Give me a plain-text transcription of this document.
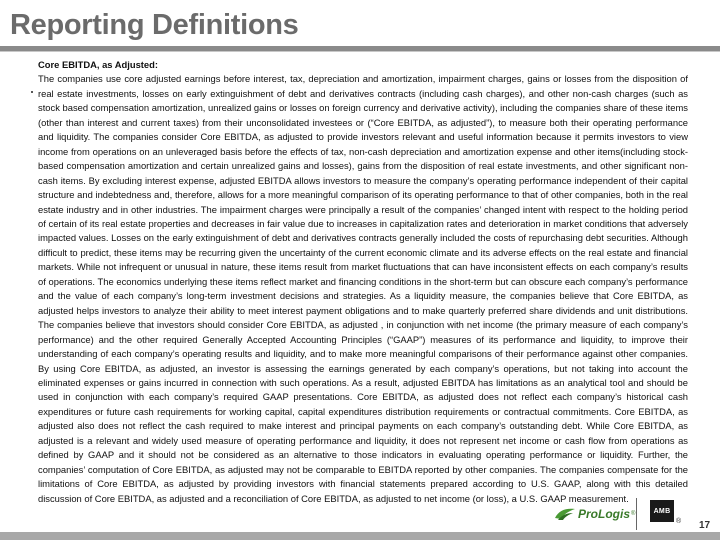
Reporting Definitions
Core EBITDA, as Adjusted:

The companies use core adjusted earnings before interest, tax, depreciation and amortization, impairment charges, gains or losses from the disposition of real estate investments, losses on early extinguishment of debt and derivatives contracts (including cash charges), and other non-cash charges (such as stock based compensation amortization, unrealized gains or losses on foreign currency and derivative activity), including the companies share of these items (other than interest and current taxes) from their unconsolidated investees or (“Core EBITDA, as adjusted”), to measure both their operating performance and liquidity. The companies consider Core EBITDA, as adjusted to provide investors relevant and useful information because it permits investors to view income from operations on an unleveraged basis before the effects of tax, non-cash depreciation and amortization expense and other items(including stock-based compensation amortization and certain unrealized gains and losses), gains from the disposition of real estate investments, and other significant non-cash items. By excluding interest expense, adjusted EBITDA allows investors to measure the company’s operating performance independent of their capital structure and indebtedness and, therefore, allows for a more meaningful comparison of its operating performance to that of other companies, both in the real estate industry and in other industries. The impairment charges were principally a result of the companies’ changed intent with respect to the holding period of certain of its real estate properties and decreases in fair value due to increases in capitalization rates and deterioration in market conditions that adversely impacted values. Losses on the early extinguishment of debt and derivatives contracts generally included the costs of repurchasing debt securities. Although difficult to predict, these items may be recurring given the uncertainty of the current economic climate and its adverse effects on the real estate and financial markets. While not infrequent or unusual in nature, these items result from market fluctuations that can have inconsistent effects on each company’s results of operations. The economics underlying these items reflect market and financing conditions in the short-term but can obscure each company’s performance and the value of each company’s long-term investment decisions and strategies. As a liquidity measure, the companies believe that Core EBITDA, as adjusted helps investors to analyze their ability to meet interest payment obligations and to make quarterly preferred share dividends and unit distributions. The companies believe that investors should consider Core EBITDA, as adjusted , in conjunction with net income (the primary measure of each company’s performance) and the other required Generally Accepted Accounting Principles (“GAAP”) measures of its performance and liquidity, to improve their understanding of each company’s operating results and liquidity, and to make more meaningful comparisons of their performance against other companies. By using Core EBITDA, as adjusted, an investor is assessing the earnings generated by each company’s operations, but not taking into account the eliminated expenses or gains incurred in connection with such operations. As a result, adjusted EBITDA has limitations as an analytical tool and should be used in conjunction with each company’s required GAAP presentations. Core EBITDA, as adjusted does not reflect each company’s historical cash expenditures or future cash requirements for working capital, capital expenditures distribution requirements or contractual commitments. Core EBITDA, as adjusted also does not reflect the cash required to make interest and principal payments on each company’s outstanding debt. While Core EBITDA, as adjusted is a relevant and widely used measure of operating performance and liquidity, it does not represent net income or cash flow from operations as defined by GAAP and it should not be considered as an alternative to those indicators in evaluating operating performance or liquidity. Further, the companies’ computation of Core EBITDA, as adjusted may not be comparable to EBITDA reported by other companies. The companies compensate for the limitations of Core EBITDA, as adjusted by providing investors with financial statements prepared according to U.S. GAAP, along with this detailed discussion of Core EBITDA, as adjusted and a reconciliation of Core EBITDA, as adjusted to net income (or loss), a U.S. GAAP measurement.

ProLogis ®	AMB
® 17
